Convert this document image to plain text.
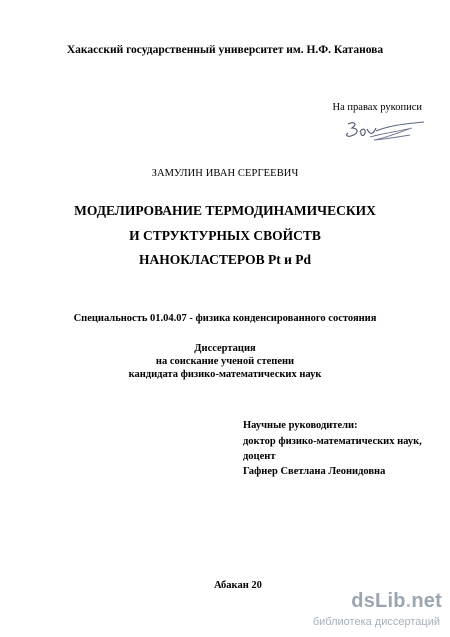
Хакасский государственный университет им. Н.Ф. Катанова
На правах рукописи
ЗАМУЛИН ИВАН СЕРГЕЕВИЧ
МОДЕЛИРОВАНИЕ ТЕРМОДИНАМИЧЕСКИХ
И СТРУКТУРНЫХ СВОЙСТВ
НАНОКЛАСТЕРОВ Pt и Pd
Специальность 01.04.07 - физика конденсированного состояния
Диссертация
на соискание ученой степени
кандидата физико-математических наук
Научные руководители:
доктор физико-математических наук,
доцент
Гафнер Светлана Леонидовна
Абакан 20
dsLib.net
библиотека диссертаций
